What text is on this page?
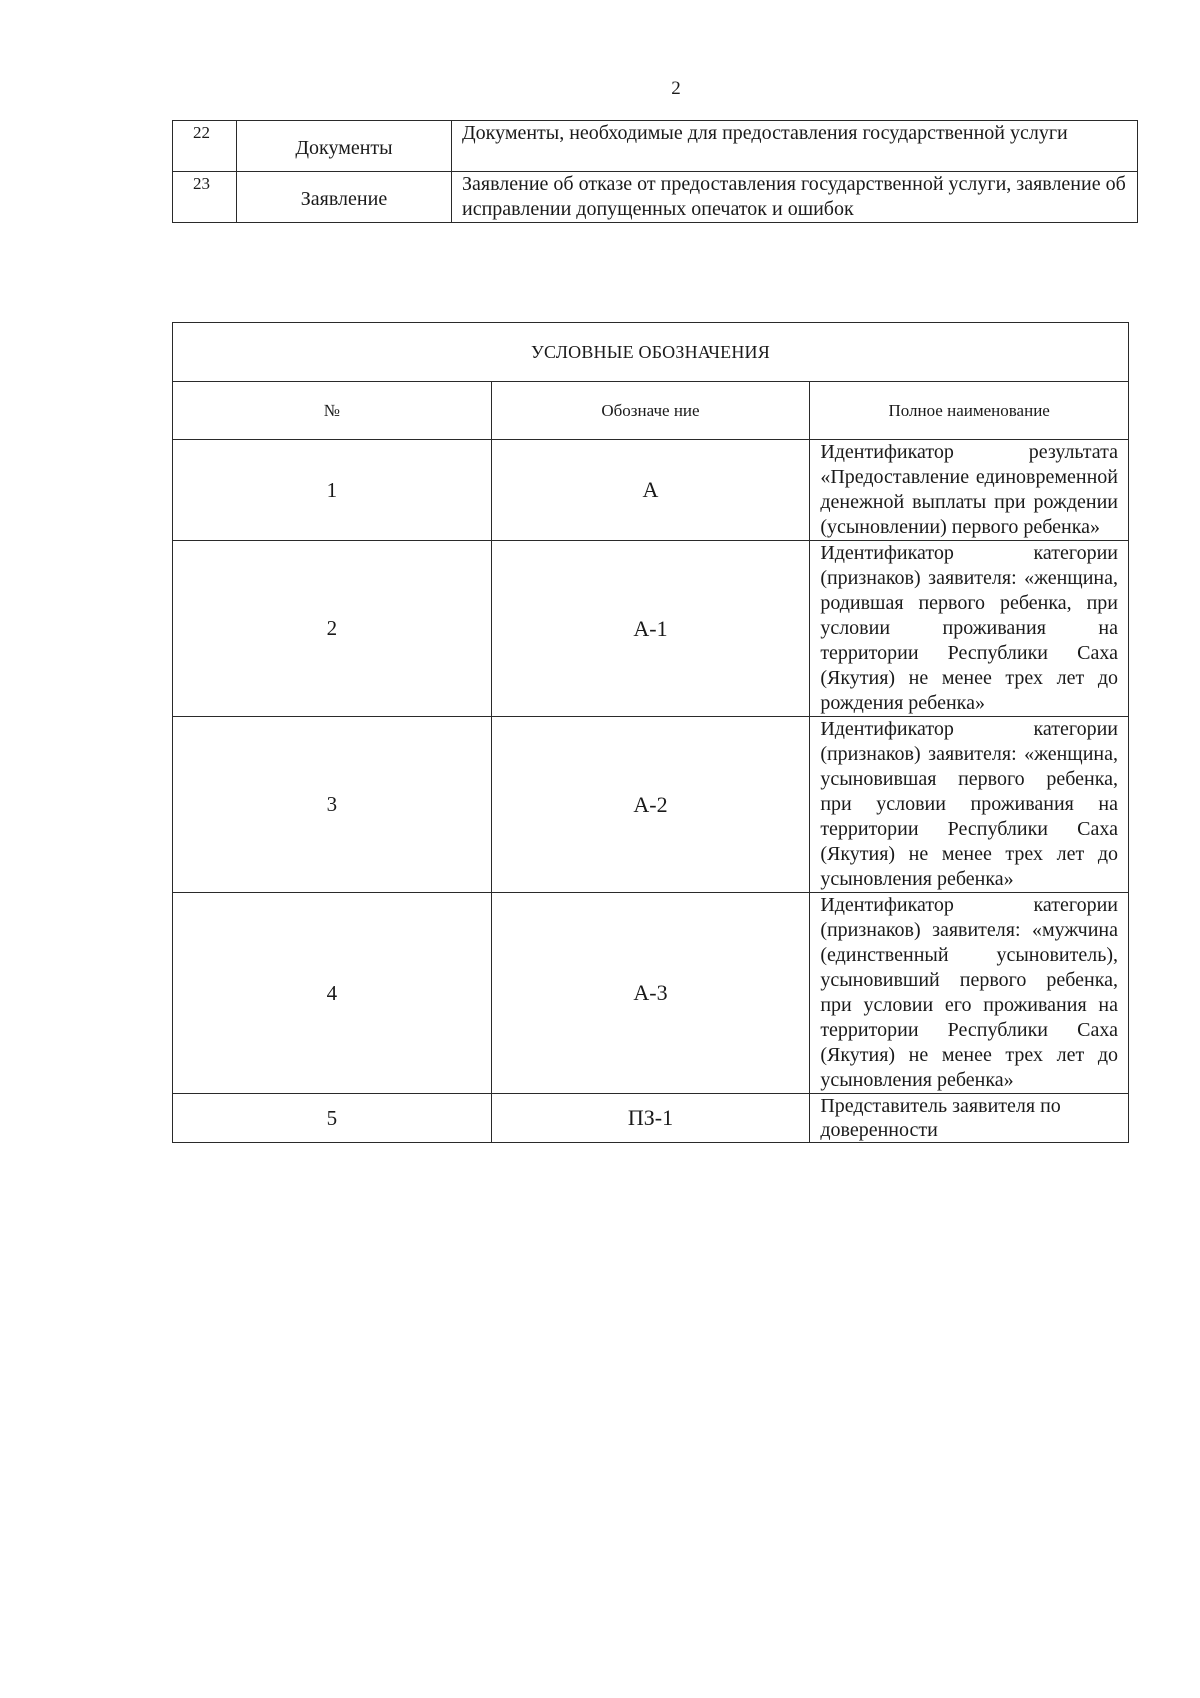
2
22	Документы	Документы, необходимые для предоставления государственной услуги
23	Заявление	Заявление об отказе от предоставления государственной услуги, заявление об исправлении допущенных опечаток и ошибок
УСЛОВНЫЕ ОБОЗНАЧЕНИЯ		
№	Обозначе ние	Полное наименование
1	А	Идентификатор результата «Предоставление единовременной денежной выплаты при рождении (усыновлении) первого ребенка»
2	А-1	Идентификатор категории (признаков) заявителя: «женщина, родившая первого ребенка, при условии проживания на территории Республики Саха (Якутия) не менее трех лет до рождения ребенка»
3	А-2	Идентификатор категории (признаков) заявителя: «женщина, усыновившая первого ребенка, при условии проживания на территории Республики Саха (Якутия) не менее трех лет до усыновления ребенка»
4	А-3	Идентификатор категории (признаков) заявителя: «мужчина (единственный усыновитель), усыновивший первого ребенка, при условии его проживания на территории Республики Саха (Якутия) не менее трех лет до усыновления ребенка»
5	ПЗ-1	Представитель заявителя по доверенности
